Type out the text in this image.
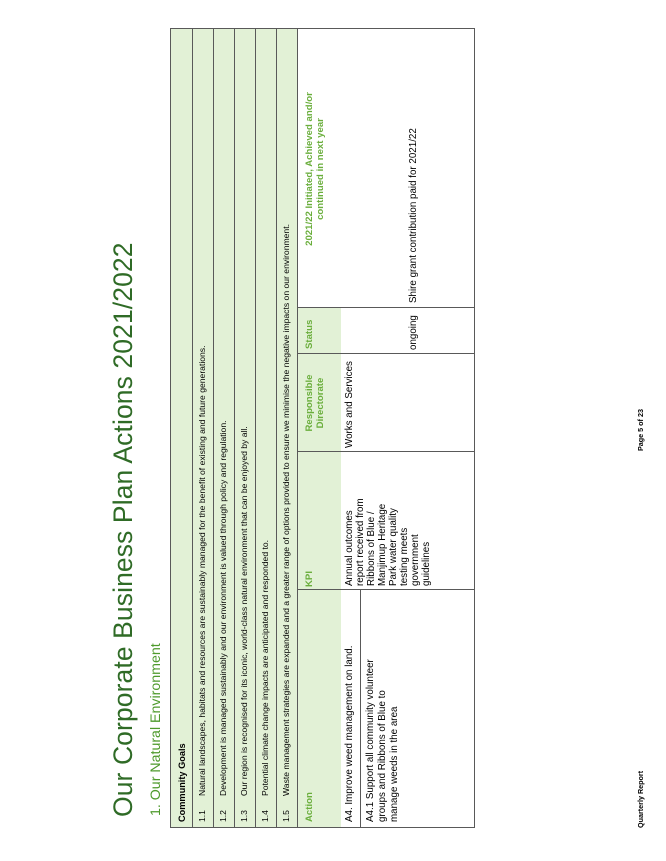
Our Corporate Business Plan Actions 2021/2022 1. Our Natural Environment Community Goals 1.1
Natural landscapes, habitats and resources are sustainably managed for the benefit of existing and future generations.
1.2
Development is managed sustainably and our environment is valued through policy and regulation.
1.3
Our region is recognised for its iconic, world-class natural environment that can be enjoyed by all.
1.4
Potential climate change impacts are anticipated and responded to.
1.5
Waste management strategies are expanded and a greater range of options provided to ensure we minimise the negative impacts on our environment.
Action
KPI
Responsible Directorate
Status
2021/22 Initiated, Achieved and/or continued in next year
A4. Improve weed management on land. A4.1 Support all community volunteer groups and Ribbons of Blue to manage weeds in the area
Annual outcomes report received from Ribbons of Blue / Manjimup Heritage Park water quality testing meets government guidelines
Works and Services
ongoing
Shire grant contribution paid for 2021/22
Quarterly Report
Page 5 of 23
